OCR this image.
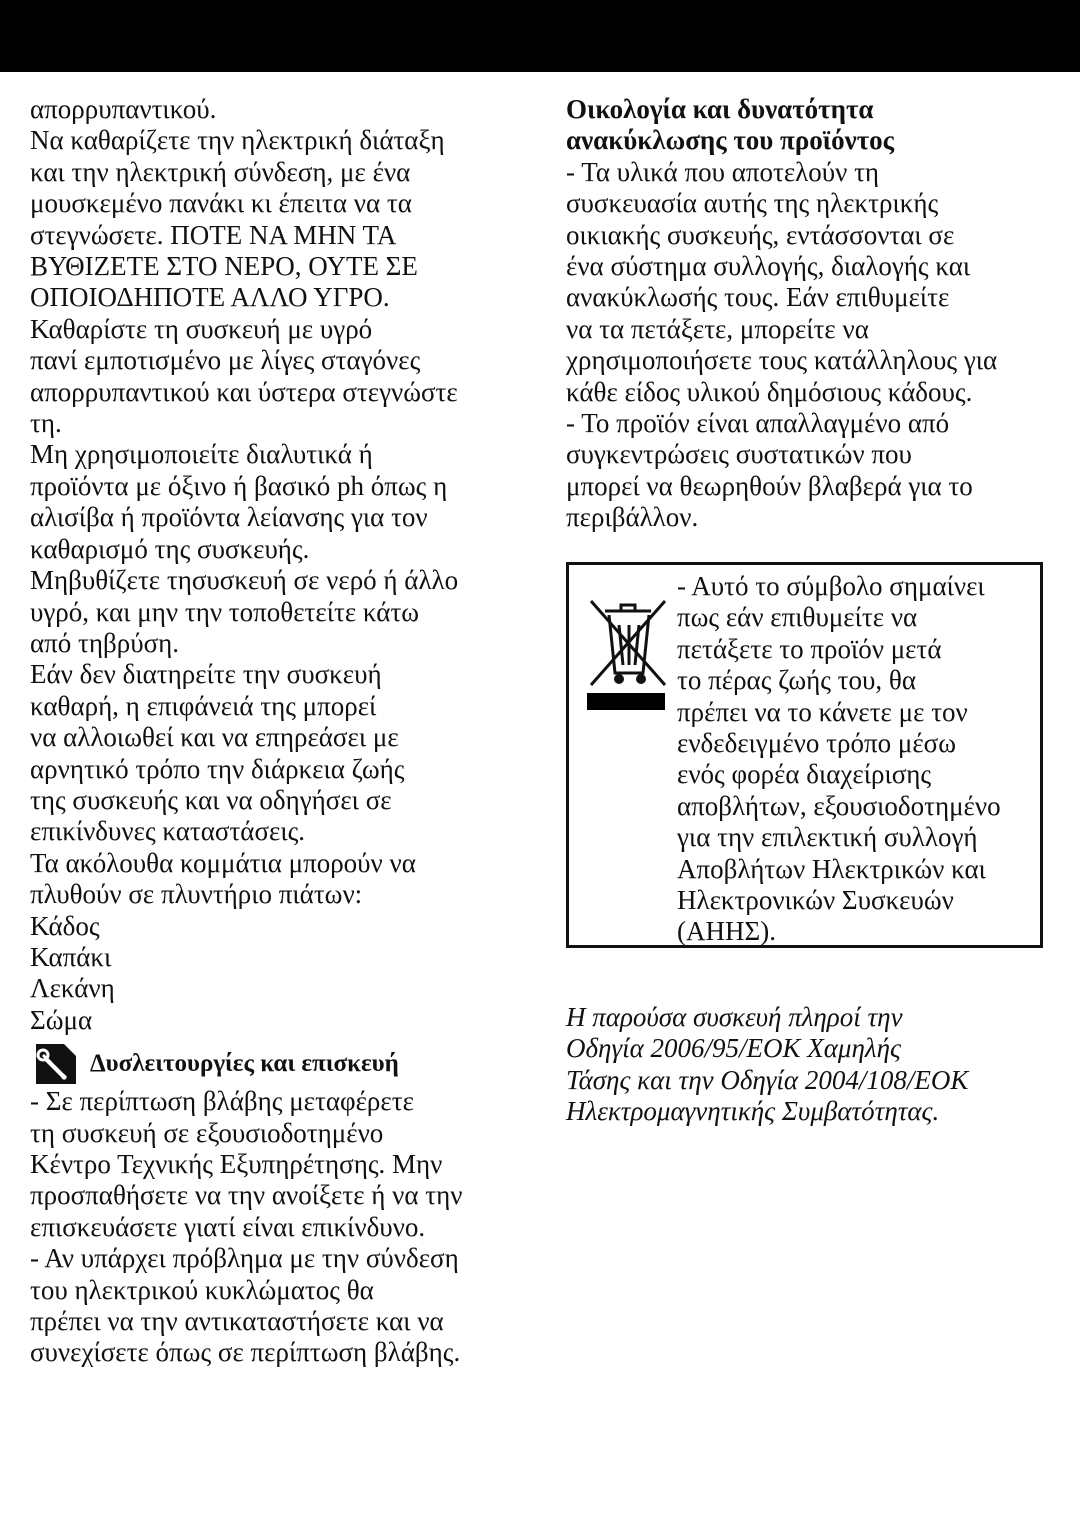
απορρυπαντικού.
Να καθαρίζετε την ηλεκτρική διάταξη
και την ηλεκτρική σύνδεση, με ένα
μουσκεμένο πανάκι κι έπειτα να τα
στεγνώσετε. ΠΟΤΕ ΝΑ ΜΗΝ ΤΑ
ΒΥΘΙΖΕΤΕ ΣΤΟ ΝΕΡΟ, ΟΥΤΕ ΣΕ
ΟΠΟΙΟΔΗΠΟΤΕ ΑΛΛΟ ΥΓΡΟ.
Καθαρίστε τη συσκευή με υγρό
πανί εμποτισμένο με λίγες σταγόνες
απορρυπαντικού και ύστερα στεγνώστε
τη.
Μη χρησιμοποιείτε διαλυτικά ή
προϊόντα με όξινο ή βασικό ph όπως η
αλισίβα ή προϊόντα λείανσης για τον
καθαρισμό της συσκευής.
Μηβυθίζετε τησυσκευή σε νερό ή άλλο
υγρό, και μην την τοποθετείτε κάτω
από τηβρύση.
Εάν δεν διατηρείτε την συσκευή
καθαρή, η επιφάνειά της μπορεί
να αλλοιωθεί και να επηρεάσει με
αρνητικό τρόπο την διάρκεια ζωής
της συσκευής και να οδηγήσει σε
επικίνδυνες καταστάσεις.
Τα ακόλουθα κομμάτια μπορούν να
πλυθούν σε πλυντήριο πιάτων:
Κάδος
Καπάκι
Λεκάνη
Σώμα
Δυσλειτουργίες και επισκευή
- Σε περίπτωση βλάβης μεταφέρετε
τη συσκευή σε εξουσιοδοτημένο
Κέντρο Τεχνικής Εξυπηρέτησης. Μην
προσπαθήσετε να την ανοίξετε ή να την
επισκευάσετε γιατί είναι επικίνδυνο.
- Αν υπάρχει πρόβλημα με την σύνδεση
του ηλεκτρικού κυκλώματος θα
πρέπει να την αντικαταστήσετε και να
συνεχίσετε όπως σε περίπτωση βλάβης.
Οικολογία και δυνατότητα
ανακύκλωσης του προϊόντος
- Τα υλικά που αποτελούν τη
συσκευασία αυτής της ηλεκτρικής
οικιακής συσκευής, εντάσσονται σε
ένα σύστημα συλλογής, διαλογής και
ανακύκλωσής τους. Εάν επιθυμείτε
να τα πετάξετε, μπορείτε να
χρησιμοποιήσετε τους κατάλληλους για
κάθε είδος υλικού δημόσιους κάδους.
- Το προϊόν είναι απαλλαγμένο από
συγκεντρώσεις συστατικών που
μπορεί να θεωρηθούν βλαβερά για το
περιβάλλον.
- Αυτό το σύμβολο σημαίνει
πως εάν επιθυμείτε να
πετάξετε το προϊόν μετά
το πέρας ζωής του, θα
πρέπει να το κάνετε με τον
ενδεδειγμένο τρόπο μέσω
ενός φορέα διαχείρισης
αποβλήτων, εξουσιοδοτημένο
για την επιλεκτική συλλογή
Αποβλήτων Ηλεκτρικών και
Ηλεκτρονικών Συσκευών
(ΑΗΗΣ).
Η παρούσα συσκευή πληροί την
Οδηγία 2006/95/ΕΟΚ Χαμηλής
Τάσης και την Οδηγία 2004/108/ΕΟΚ
Ηλεκτρομαγνητικής Συμβατότητας.
